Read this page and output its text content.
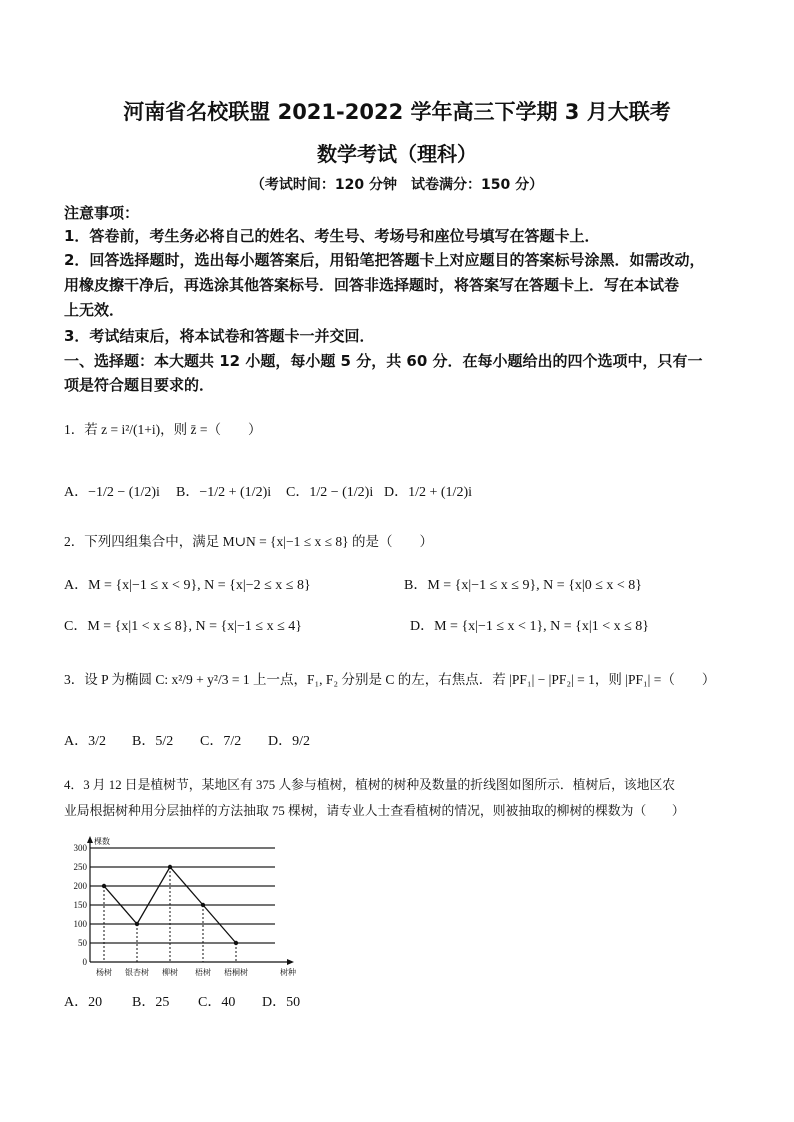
河南省名校联盟 2021-2022 学年高三下学期 3 月大联考
数学考试（理科）
（考试时间：120 分钟　试卷满分：150 分）
注意事项：
1．答卷前，考生务必将自己的姓名、考生号、考场号和座位号填写在答题卡上．
2．回答选择题时，选出每小题答案后，用铅笔把答题卡上对应题目的答案标号涂黑．如需改动，
用橡皮擦干净后，再选涂其他答案标号．回答非选择题时，将答案写在答题卡上．写在本试卷
上无效．
3．考试结束后，将本试卷和答题卡一并交回．
一、选择题：本大题共 12 小题，每小题 5 分，共 60 分．在每小题给出的四个选项中，只有一
项是符合题目要求的．
1．若 z = i²/(1+i)，则 z̄ =（　　）
A．−1/2 − (1/2)i B．−1/2 + (1/2)i C．1/2 − (1/2)i D．1/2 + (1/2)i
2．下列四组集合中，满足 M∪N = {x|−1 ≤ x ≤ 8} 的是（　　）
A．M = {x|−1 ≤ x < 9}, N = {x|−2 ≤ x ≤ 8}	B．M = {x|−1 ≤ x ≤ 9}, N = {x|0 ≤ x < 8}
C．M = {x|1 < x ≤ 8}, N = {x|−1 ≤ x ≤ 4}	D．M = {x|−1 ≤ x < 1}, N = {x|1 < x ≤ 8}
3．设 P 为椭圆 C: x²/9 + y²/3 = 1 上一点，F₁, F₂ 分别是 C 的左，右焦点．若 |PF₁| − |PF₂| = 1，则 |PF₁| =（　　）
A．3/2 B．5/2 C．7/2 D．9/2
4．3 月 12 日是植树节，某地区有 375 人参与植树，植树的树种及数量的折线图如图所示．植树后，该地区农
业局根据树种用分层抽样的方法抽取 75 棵树，请专业人士查看植树的情况，则被抽取的柳树的棵数为（　　）
0
50
100
150
200
250
300
棵数
树种
杨树 银杏树 柳树 梧树 梧桐树
A．20 B．25 C．40 D．50
